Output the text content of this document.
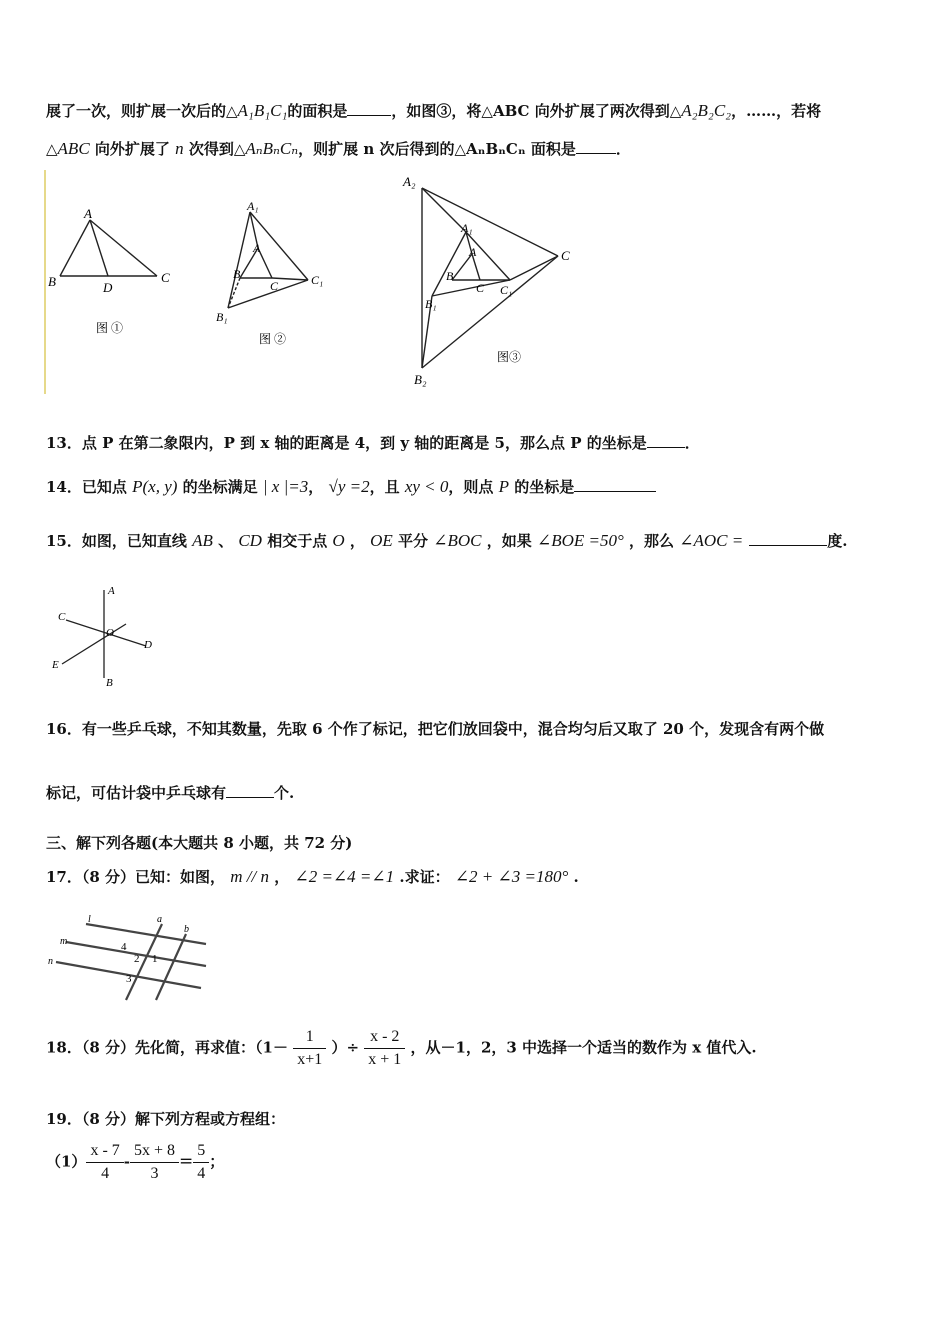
展了一次，则扩展一次后的△A₁B₁C₁的面积是	，如图③，将△ABC 向外扩展了两次得到△A₂B₂C₂，……，若将
△ABC 向外扩展了 n 次得到△AₙBₙCₙ，则扩展 n 次后得到的△AₙBₙCₙ 面积是	．
A
B	D
C
图 ①
A₁
A
B
C	C₁
B₁
图 ②
A₂
A₁
A
B
C
C C₁
B₁
B₂
图③
13．点 P 在第二象限内，P 到 x 轴的距离是 4，到 y 轴的距离是 5，那么点 P 的坐标是	．
14．已知点 P(x, y) 的坐标满足 | x |=3， √y =2，且 xy < 0，则点 P 的坐标是
15．如图，已知直线 AB 、 CD 相交于点 O ， OE 平分 ∠BOC ，如果 ∠BOE =50° ，那么 ∠AOC =	度.
A
C
O
D
E
B
16．有一些乒乓球，不知其数量，先取 6 个作了标记，把它们放回袋中，混合均匀后又取了 20 个，发现含有两个做
标记，可估计袋中乒乓球有	个.
三、解下列各题(本大题共 8 小题，共 72 分)
17．（8 分）已知：如图， m // n ， ∠2 =∠4 =∠1 .求证： ∠2 + ∠3 =180° .
l	a
b
m
n
4
2 1
3
18．（8 分）先化简，再求值：（$1- \frac{1}{x+1}$ ）÷ $\frac{x - 2}{x + 1}$ ，从－1，2，3 中选择一个适当的数作为 x 值代入.
19．（8 分）解下列方程或方程组：
$(1) \frac{x - 7}{4} - \frac{5x + 8}{3} = \frac{5}{4}$ ；
